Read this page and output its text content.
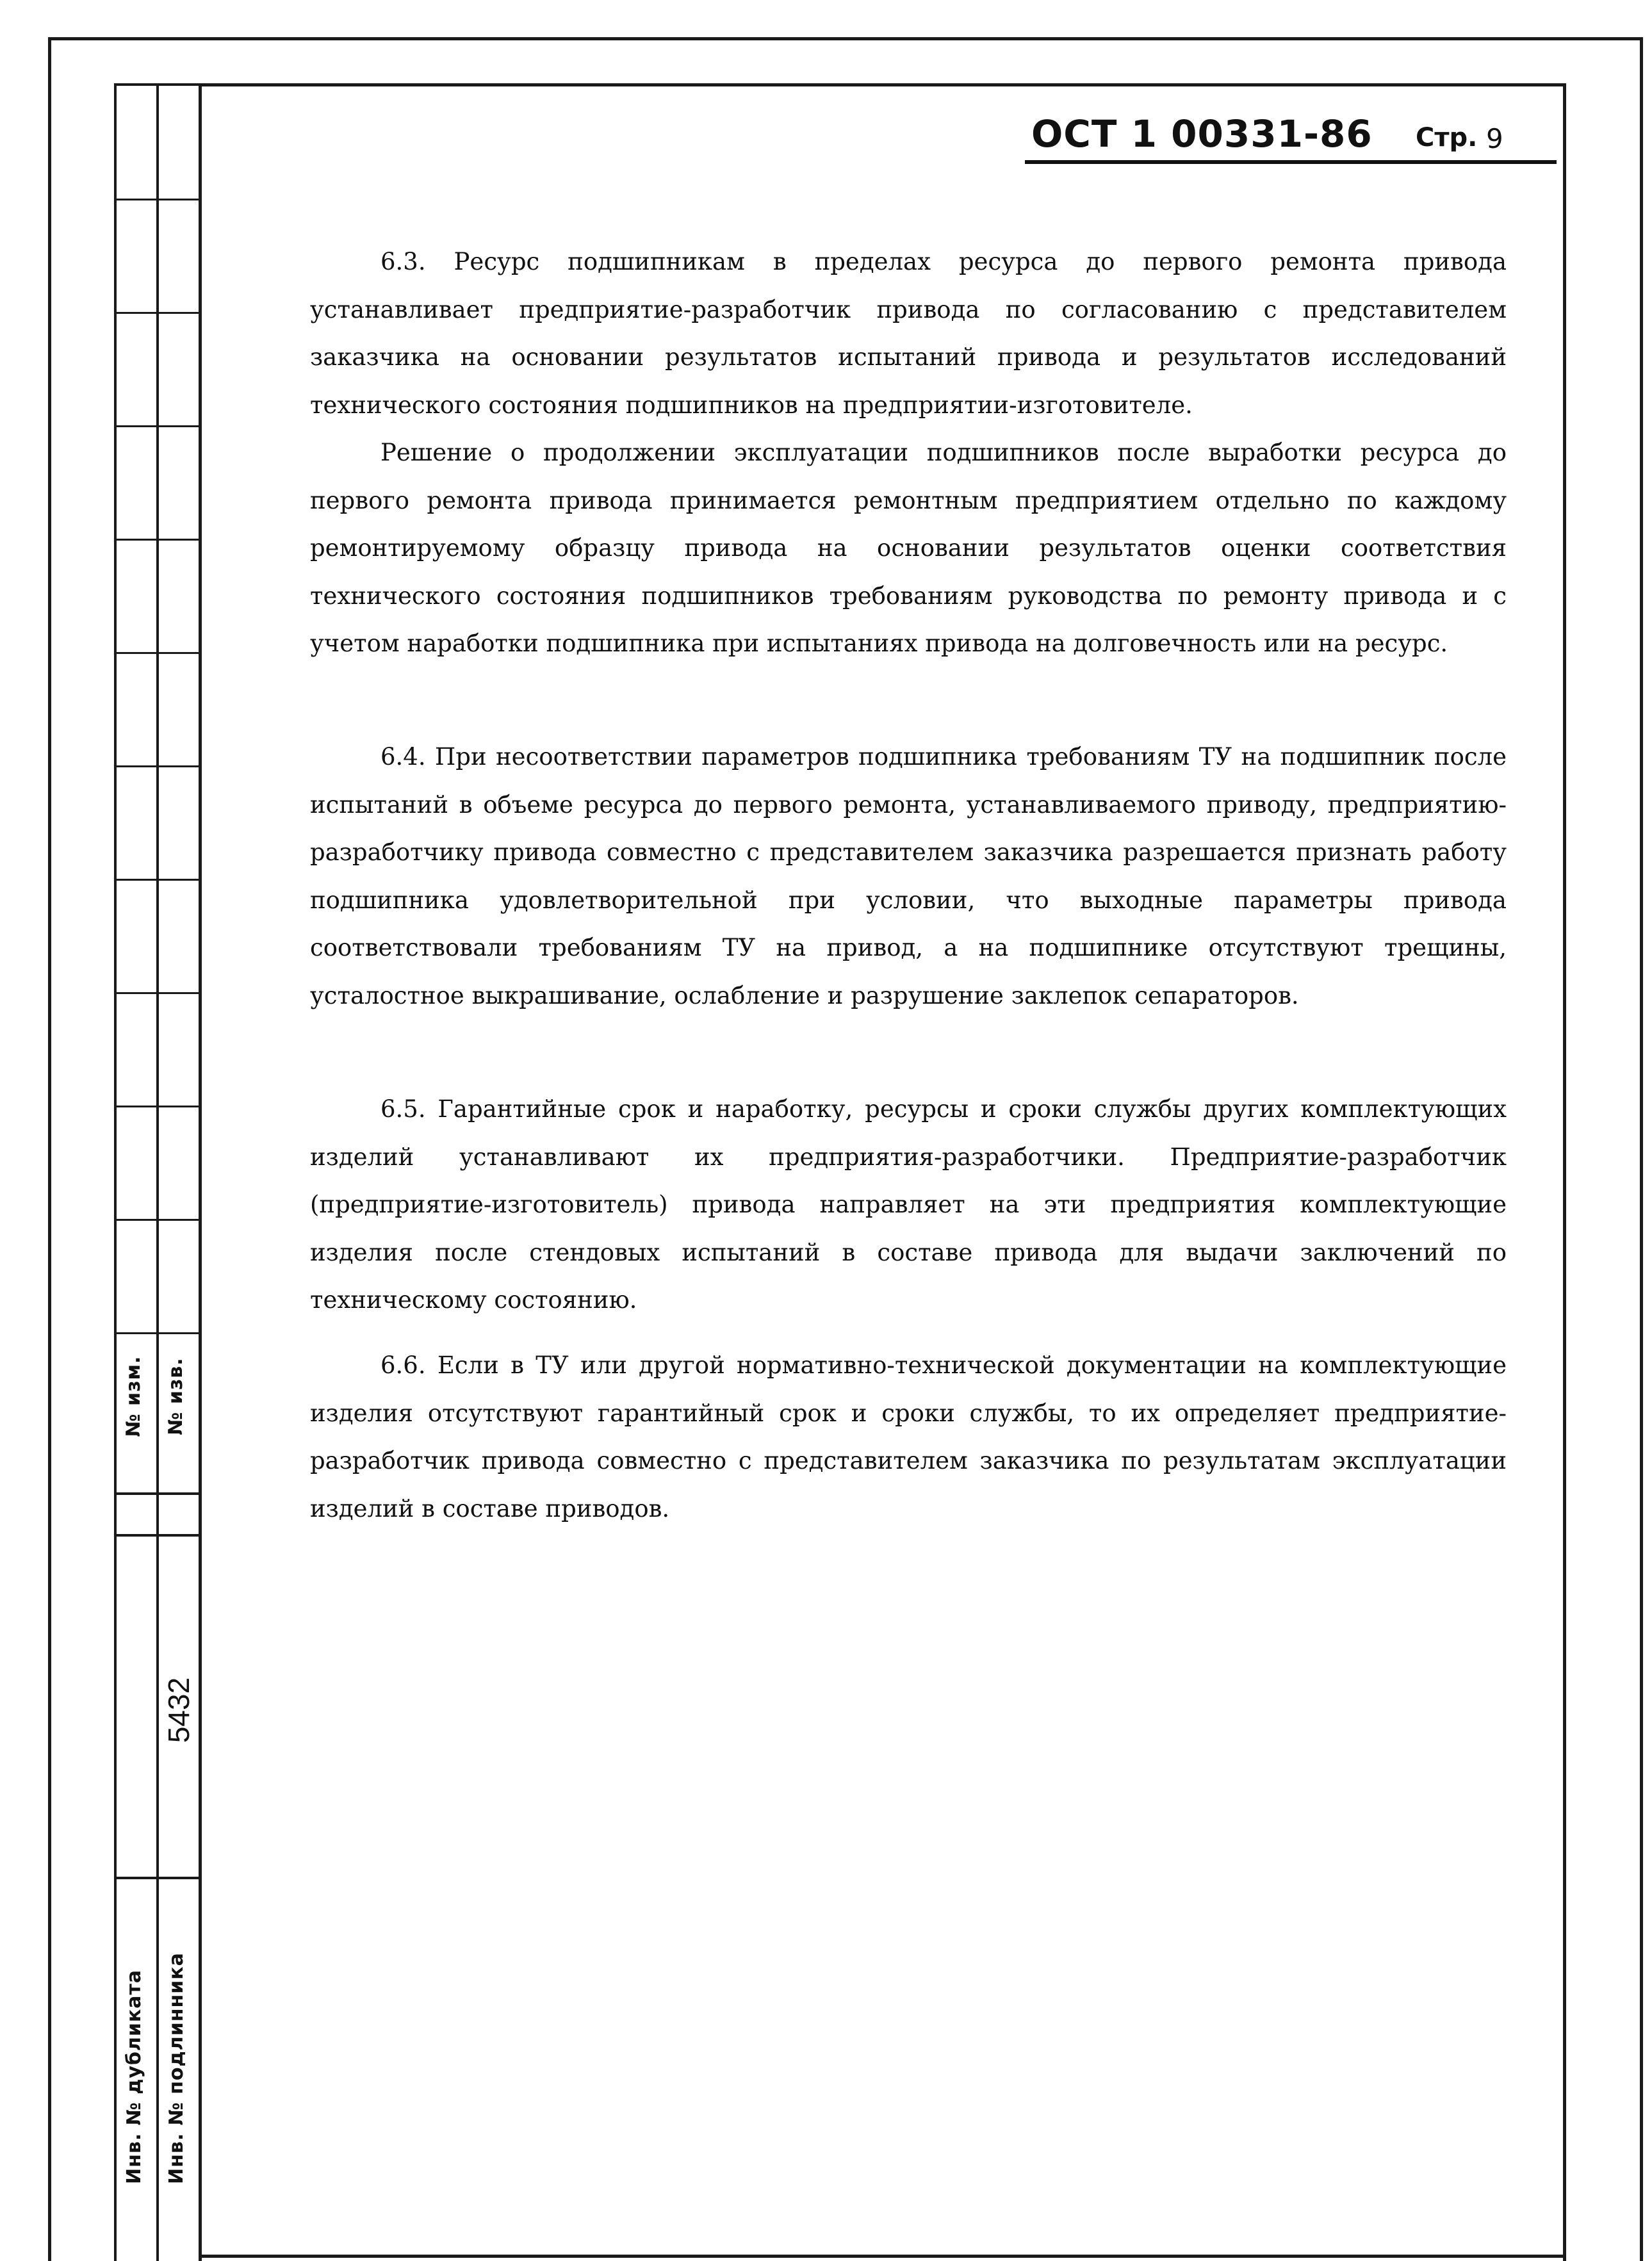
№ изм. № изв.
5432
Инв. № дубликата Инв. № подлинника
ОСТ 1 00331-86 Стр. 9

6.3. Ресурс подшипникам в пределах ресурса до первого ремонта привода устанавливает предприятие-разработчик привода по согласованию с представителем заказчика на основании результатов испытаний привода и результатов исследований технического состояния подшипников на предприятии-изготовителе.

Решение о продолжении эксплуатации подшипников после выработки ресурса до первого ремонта привода принимается ремонтным предприятием отдельно по каждому ремонтируемому образцу привода на основании результатов оценки соответствия технического состояния подшипников требованиям руководства по ремонту привода и с учетом наработки подшипника при испытаниях привода на долговечность или на ресурс.

6.4. При несоответствии параметров подшипника требованиям ТУ на подшипник после испытаний в объеме ресурса до первого ремонта, устанавливаемого приводу, предприятию-разработчику привода совместно с представителем заказчика разрешается признать работу подшипника удовлетворительной при условии, что выходные параметры привода соответствовали требованиям ТУ на привод, а на подшипнике отсутствуют трещины, усталостное выкрашивание, ослабление и разрушение заклепок сепараторов.

6.5. Гарантийные срок и наработку, ресурсы и сроки службы других комплектующих изделий устанавливают их предприятия-разработчики. Предприятие-разработчик (предприятие-изготовитель) привода направляет на эти предприятия комплектующие изделия после стендовых испытаний в составе привода для выдачи заключений по техническому состоянию.

6.6. Если в ТУ или другой нормативно-технической документации на комплектующие изделия отсутствуют гарантийный срок и сроки службы, то их определяет предприятие-разработчик привода совместно с представителем заказчика по результатам эксплуатации изделий в составе приводов.
